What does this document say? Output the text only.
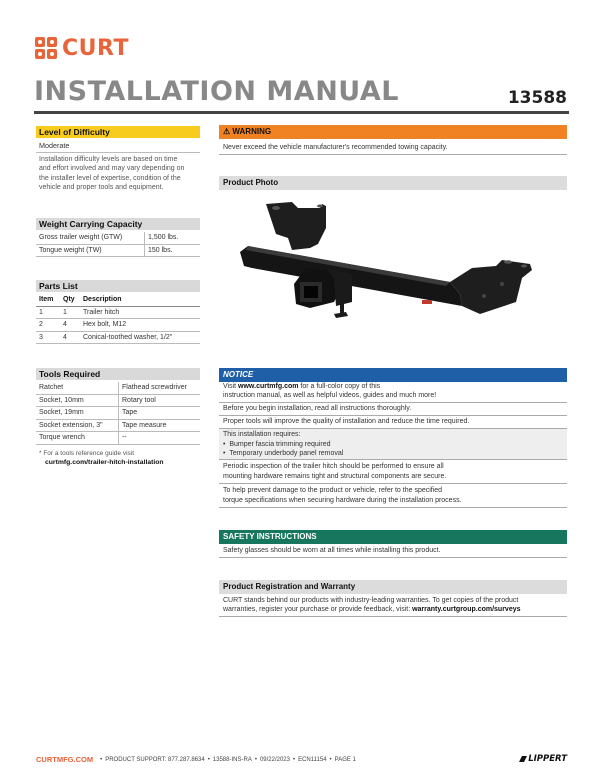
CURT
INSTALLATION MANUAL	13588
Level of Difficulty
Moderate
Installation difficulty levels are based on time
and effort involved and may vary depending on
the installer level of expertise, condition of the
vehicle and proper tools and equipment.
Weight Carrying Capacity
Gross trailer weight (GTW)	1,500 lbs.
Tongue weight (TW)	150 lbs.
Parts List
Item	Qty	Description
1	1	Trailer hitch
2	4	Hex bolt, M12
3	4	Conical-toothed washer, 1/2"
Tools Required
Ratchet	Flathead screwdriver
Socket, 10mm	Rotary tool
Socket, 19mm	Tape
Socket extension, 3"	Tape measure
Torque wrench	--
* For a tools reference guide visit
curtmfg.com/trailer-hitch-installation
⚠ WARNING
Never exceed the vehicle manufacturer's recommended towing capacity.
Product Photo
NOTICE
Visit www.curtmfg.com for a full-color copy of this
instruction manual, as well as helpful videos, guides and much more!
Before you begin installation, read all instructions thoroughly.
Proper tools will improve the quality of installation and reduce the time required.
This installation requires:
•  Bumper fascia trimming required
•  Temporary underbody panel removal
Periodic inspection of the trailer hitch should be performed to ensure all
mounting hardware remains tight and structural components are secure.
To help prevent damage to the product or vehicle, refer to the specified
torque specifications when securing hardware during the installation process.
SAFETY INSTRUCTIONS
Safety glasses should be worn at all times while installing this product.
Product Registration and Warranty
CURT stands behind our products with industry-leading warranties. To get copies of the product
warranties, register your purchase or provide feedback, visit: warranty.curtgroup.com/surveys
CURTMFG.COM • PRODUCT SUPPORT: 877.287.8634 • 13588-INS-RA • 09/22/2023 • ECN11154 • PAGE 1	LIPPERT
